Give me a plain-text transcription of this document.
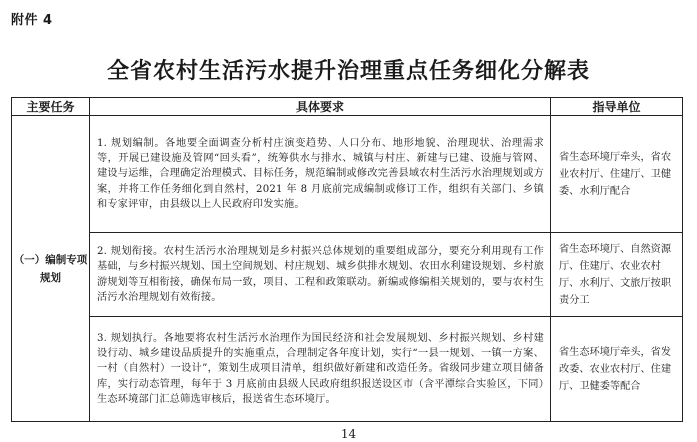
附件 4
全省农村生活污水提升治理重点任务细化分解表
主要任务	具体要求	指导单位
（一）编制专项规划	1. 规划编制。各地要全面调查分析村庄演变趋势、人口分布、地形地貌、治理现状、治理需求等，开展已建设施及管网“回头看”，统筹供水与排水、城镇与村庄、新建与已建、设施与管网、建设与运维，合理确定治理模式、目标任务，规范编制或修改完善县域农村生活污水治理规划或方案，并将工作任务细化到自然村，2021 年 8 月底前完成编制或修订工作，组织有关部门、乡镇和专家评审，由县级以上人民政府印发实施。	省生态环境厅牵头，省农业农村厅、住建厅、卫健委、水利厅配合
	2. 规划衔接。农村生活污水治理规划是乡村振兴总体规划的重要组成部分，要充分利用现有工作基础，与乡村振兴规划、国土空间规划、村庄规划、城乡供排水规划、农田水利建设规划、乡村旅游规划等互相衔接，确保布局一致，项目、工程和政策联动。新编或修编相关规划的，要与农村生活污水治理规划有效衔接。	省生态环境厅、自然资源厅、住建厅、农业农村厅、水利厅、文旅厅按职责分工
	3. 规划执行。各地要将农村生活污水治理作为国民经济和社会发展规划、乡村振兴规划、乡村建设行动、城乡建设品质提升的实施重点，合理制定各年度计划，实行“一县一规划、一镇一方案、一村（自然村）一设计”，策划生成项目清单，组织做好新建和改造任务。省级同步建立项目储备库，实行动态管理，每年于 3 月底前由县级人民政府组织报送设区市（含平潭综合实验区，下同）生态环境部门汇总筛选审核后，报送省生态环境厅。	省生态环境厅牵头，省发改委、农业农村厅、住建厅、卫健委等配合
14
